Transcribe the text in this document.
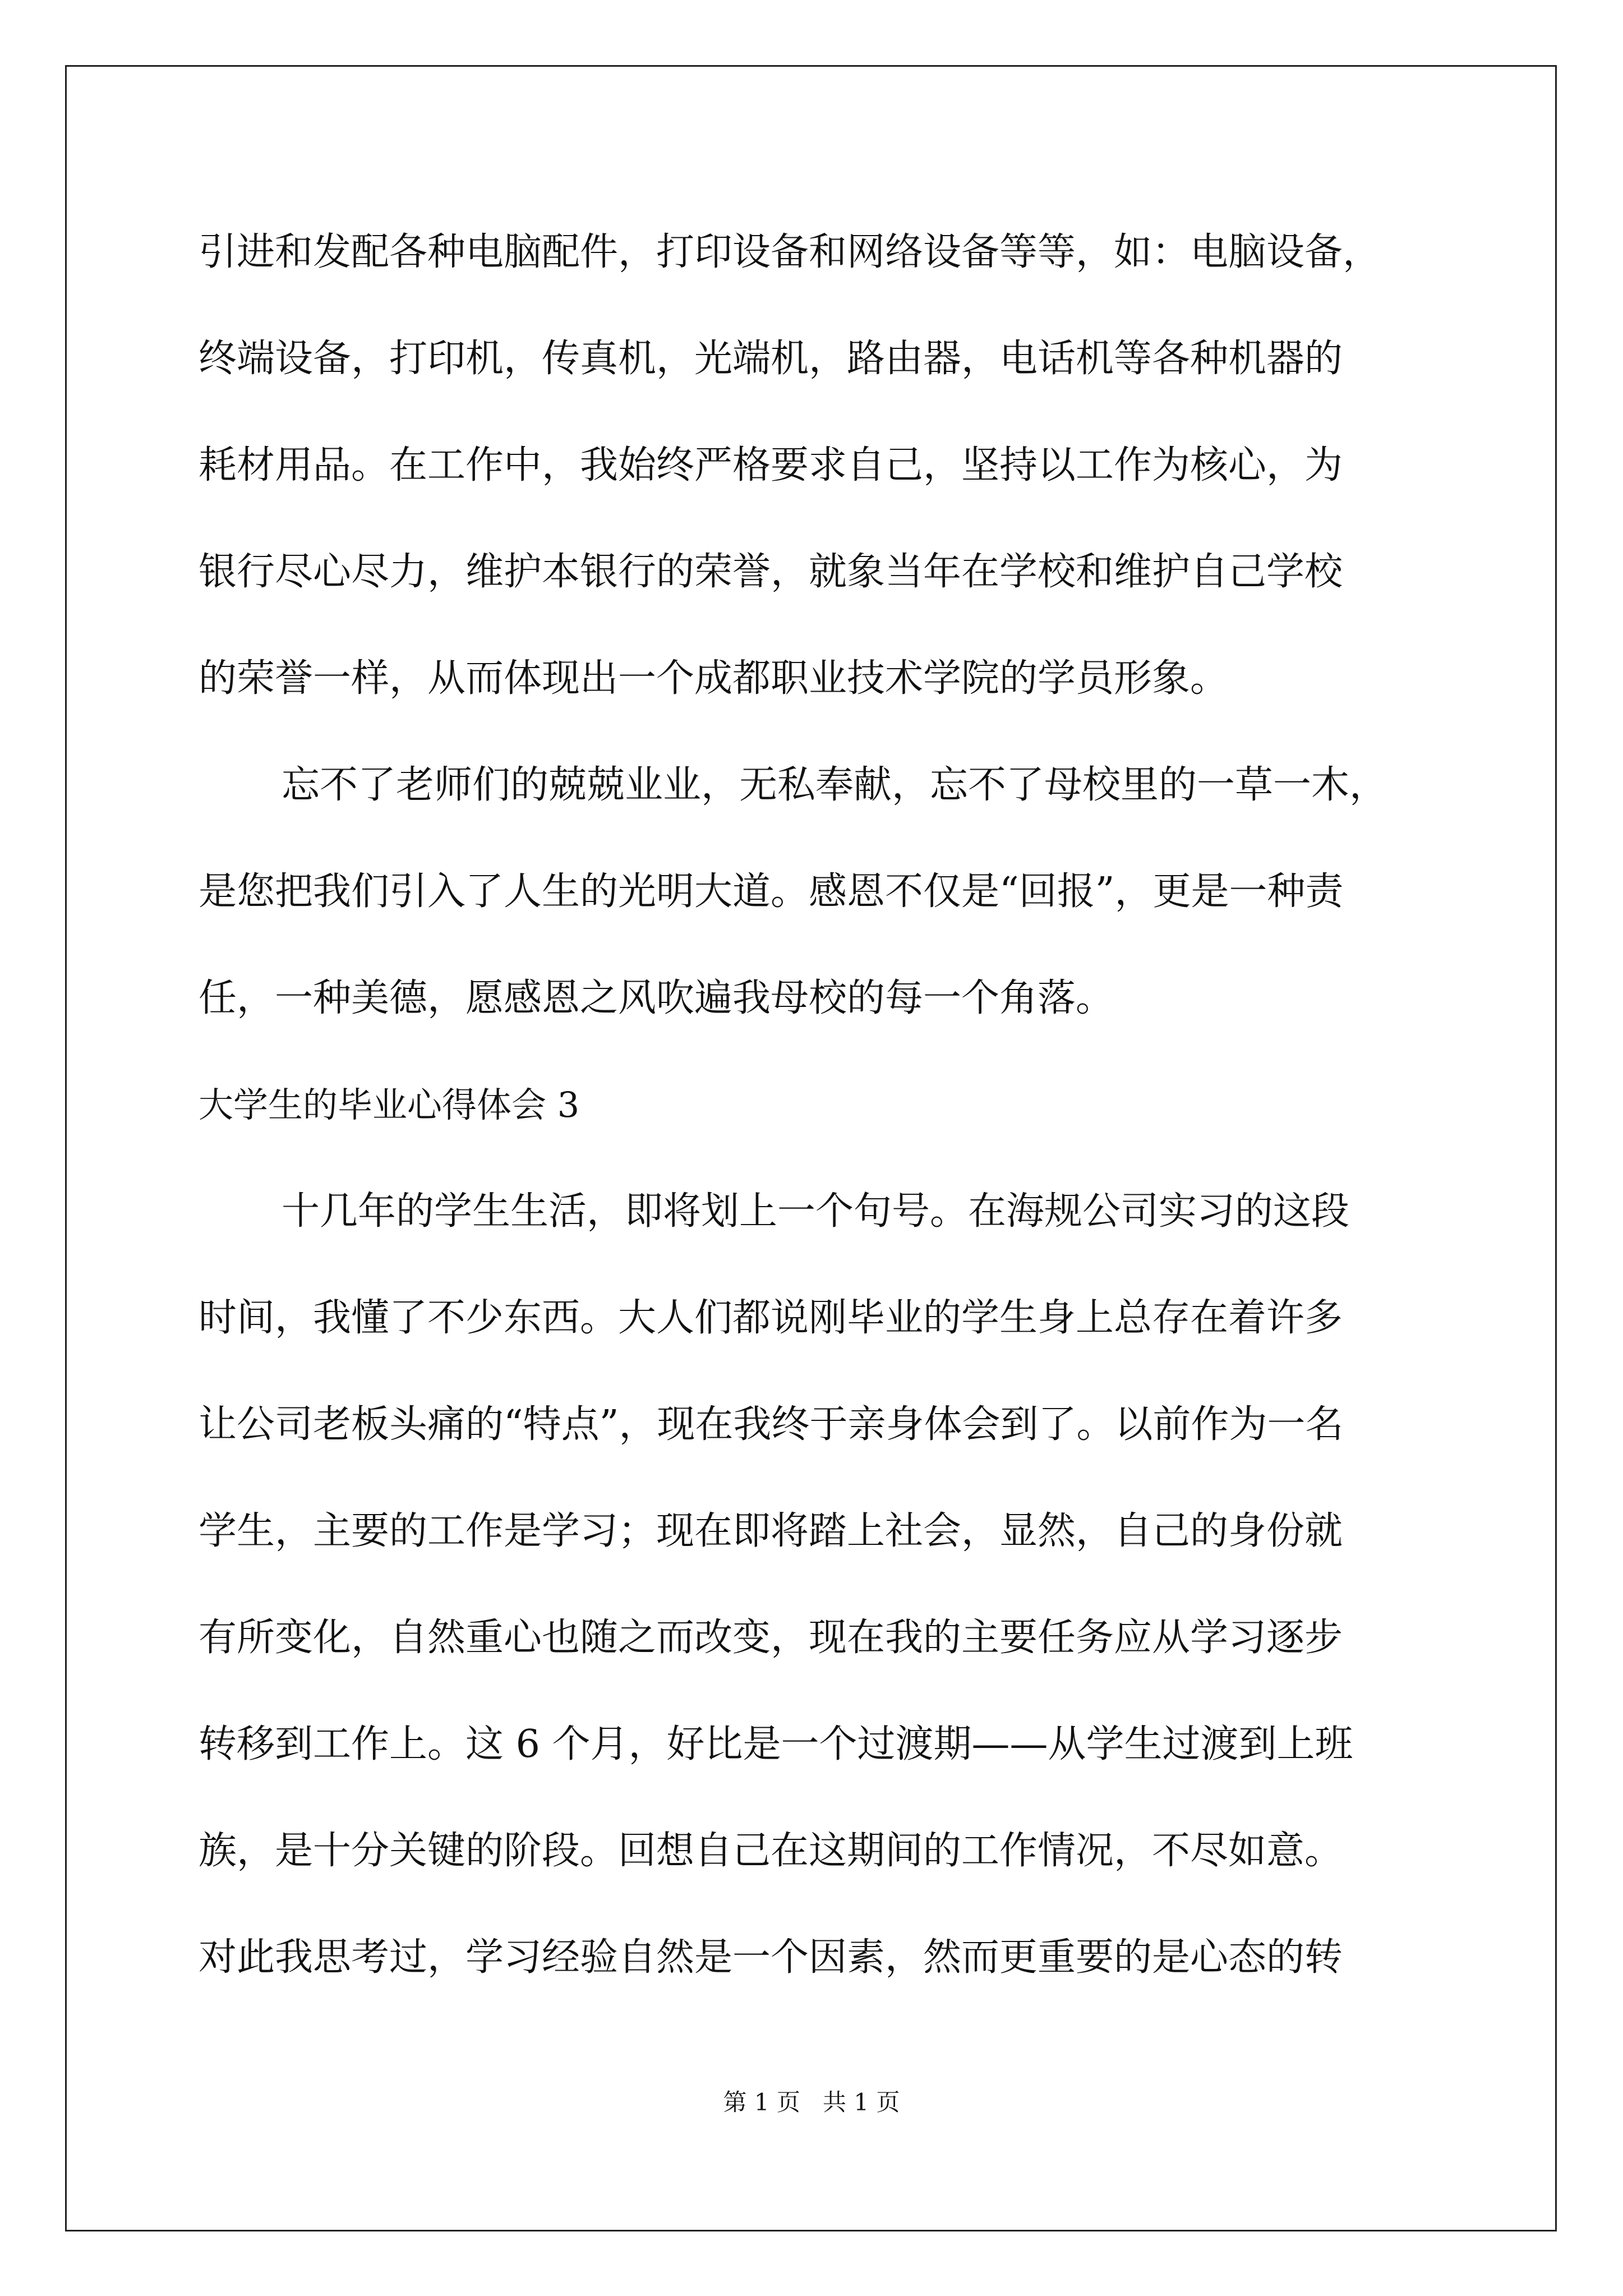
引进和发配各种电脑配件，打印设备和网络设备等等，如：电脑设备，

终端设备，打印机，传真机，光端机，路由器，电话机等各种机器的

耗材用品。在工作中，我始终严格要求自己，坚持以工作为核心，为

银行尽心尽力，维护本银行的荣誉，就象当年在学校和维护自己学校

的荣誉一样，从而体现出一个成都职业技术学院的学员形象。

忘不了老师们的兢兢业业，无私奉献，忘不了母校里的一草一木，

是您把我们引入了人生的光明大道。感恩不仅是“回报”，更是一种责

任，一种美德，愿感恩之风吹遍我母校的每一个角落。

大学生的毕业心得体会 3

十几年的学生生活，即将划上一个句号。在海规公司实习的这段

时间，我懂了不少东西。大人们都说刚毕业的学生身上总存在着许多

让公司老板头痛的“特点”，现在我终于亲身体会到了。以前作为一名

学生，主要的工作是学习；现在即将踏上社会，显然，自己的身份就

有所变化，自然重心也随之而改变，现在我的主要任务应从学习逐步

转移到工作上。这 6 个月，好比是一个过渡期——从学生过渡到上班

族，是十分关键的阶段。回想自己在这期间的工作情况，不尽如意。

对此我思考过，学习经验自然是一个因素，然而更重要的是心态的转

第 1 页   共 1 页
